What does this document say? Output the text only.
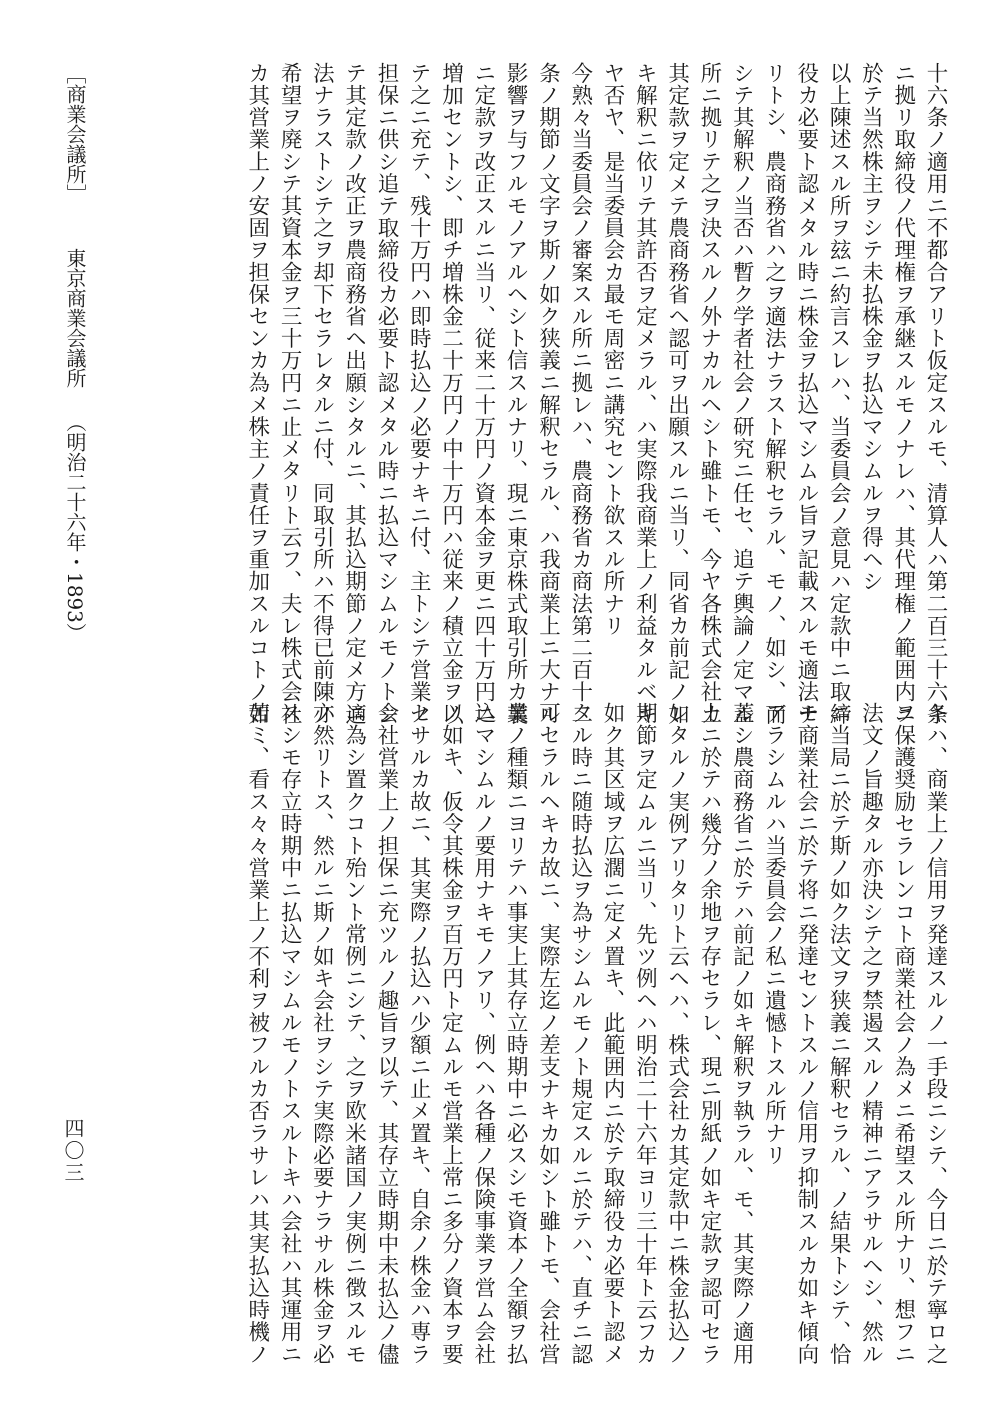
十六条ノ適用ニ不都合アリト仮定スルモ、清算人ハ第二百三十六条

ニ拠リ取締役ノ代理権ヲ承継スルモノナレハ、其代理権ノ範囲内ニ

於テ当然株主ヲシテ未払株金ヲ払込マシムルヲ得ヘシ

以上陳述スル所ヲ玆ニ約言スレハ、当委員会ノ意見ハ定款中ニ取締

役カ必要ト認メタル時ニ株金ヲ払込マシムル旨ヲ記載スルモ適法ナ

リトシ、農商務省ハ之ヲ適法ナラスト解釈セラル、モノ、如シ、而

シテ其解釈ノ当否ハ暫ク学者社会ノ研究ニ任セ、追テ輿論ノ定マル

所ニ拠リテ之ヲ決スルノ外ナカルヘシト雖トモ、今ヤ各株式会社カ

其定款ヲ定メテ農商務省ヘ認可ヲ出願スルニ当リ、同省カ前記ノ如

キ解釈ニ依リテ其許否ヲ定メラル、ハ実際我商業上ノ利益タルベキ

ヤ否ヤ、是当委員会カ最モ周密ニ講究セント欲スル所ナリ

今熟々当委員会ノ審案スル所ニ拠レハ、農商務省カ商法第二百十二

条ノ期節ノ文字ヲ斯ノ如ク狭義ニ解釈セラル、ハ我商業上ニ大ナル

影響ヲ与フルモノアルヘシト信スルナリ、現ニ東京株式取引所カ曩

ニ定款ヲ改正スルニ当リ、従来二十万円ノ資本金ヲ更ニ四十万円ニ

増加セントシ、即チ増株金二十万円ノ中十万円ハ従来ノ積立金ヲ以

テ之ニ充テ、残十万円ハ即時払込ノ必要ナキニ付、主トシテ営業ノ

担保ニ供シ追テ取締役カ必要ト認メタル時ニ払込マシムルモノトシ

テ其定款ノ改正ヲ農商務省ヘ出願シタルニ、其払込期節ノ定メ方適

法ナラストシテ之ヲ却下セラレタルニ付、同取引所ハ不得已前陳ノ

希望ヲ廃シテ其資本金ヲ三十万円ニ止メタリト云フ、夫レ株式会社

カ其営業上ノ安固ヲ担保センカ為メ株主ノ責任ヲ重加スルコトノ如

キハ、商業上ノ信用ヲ発達スルノ一手段ニシテ、今日ニ於テ寧ロ之

ヲ保護奨励セラレンコト商業社会ノ為メニ希望スル所ナリ、想フニ

法文ノ旨趣タル亦決シテ之ヲ禁遏スルノ精神ニアラサルヘシ、然ル

ニ当局ニ於テ斯ノ如ク法文ヲ狭義ニ解釈セラル、ノ結果トシテ、恰

モ商業社会ニ於テ将ニ発達セントスルノ信用ヲ抑制スルカ如キ傾向

アラシムルハ当委員会ノ私ニ遺憾トスル所ナリ

蓋シ農商務省ニ於テハ前記ノ如キ解釈ヲ執ラル、モ、其実際ノ適用

上ニ於テハ幾分ノ余地ヲ存セラレ、現ニ別紙ノ如キ定款ヲ認可セラ

レタルノ実例アリタリト云ヘハ、株式会社カ其定款中ニ株金払込ノ

期節ヲ定ムルニ当リ、先ツ例ヘハ明治二十六年ヨリ三十年ト云フカ

如ク其区域ヲ広濶ニ定メ置キ、此範囲内ニ於テ取締役カ必要ト認メ

タル時ニ随時払込ヲ為サシムルモノト規定スルニ於テハ、直チニ認

可セラルヘキカ故ニ、実際左迄ノ差支ナキカ如シト雖トモ、会社営

業ノ種類ニヨリテハ事実上其存立時期中ニ必スシモ資本ノ全額ヲ払

込マシムルノ要用ナキモノアリ、例ヘハ各種ノ保険事業ヲ営ム会社

ノ如キ、仮令其株金ヲ百万円ト定ムルモ営業上常ニ多分ノ資本ヲ要

セサルカ故ニ、其実際ノ払込ハ少額ニ止メ置キ、自余ノ株金ハ専ラ

会社営業上ノ担保ニ充ツルノ趣旨ヲ以テ、其存立時期中未払込ノ儘

ニ為シ置クコト殆ント常例ニシテ、之ヲ欧米諸国ノ実例ニ徴スルモ

亦然リトス、然ルニ斯ノ如キ会社ヲシテ実際必要ナラサル株金ヲ必

スシモ存立時期中ニ払込マシムルモノトスルトキハ会社ハ其運用ニ

苦ミ、看ス々々営業上ノ不利ヲ被フルカ否ラサレハ其実払込時機ノ

［商業会議所］東京商業会議所 （明治二十六年・1893）

四〇三
